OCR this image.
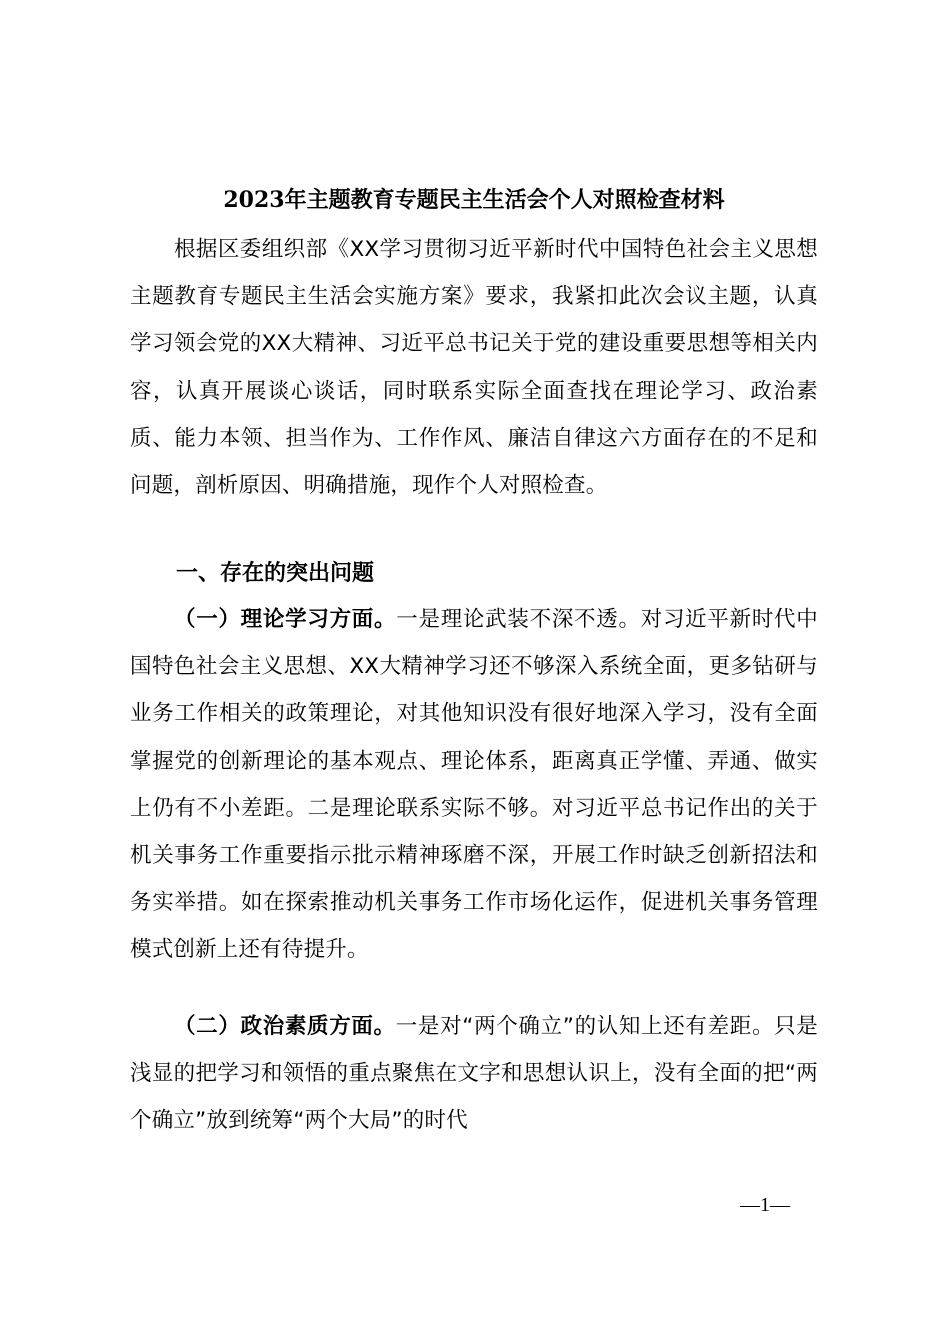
2023年主题教育专题民主生活会个人对照检查材料

根据区委组织部《XX学习贯彻习近平新时代中国特色社会主义思想主题教育专题民主生活会实施方案》要求，我紧扣此次会议主题，认真学习领会党的XX大精神、习近平总书记关于党的建设重要思想等相关内容，认真开展谈心谈话，同时联系实际全面查找在理论学习、政治素质、能力本领、担当作为、工作作风、廉洁自律这六方面存在的不足和问题，剖析原因、明确措施，现作个人对照检查。

一、存在的突出问题

（一）理论学习方面。一是理论武装不深不透。对习近平新时代中国特色社会主义思想、XX大精神学习还不够深入系统全面，更多钻研与业务工作相关的政策理论，对其他知识没有很好地深入学习，没有全面掌握党的创新理论的基本观点、理论体系，距离真正学懂、弄通、做实上仍有不小差距。二是理论联系实际不够。对习近平总书记作出的关于机关事务工作重要指示批示精神琢磨不深，开展工作时缺乏创新招法和务实举措。如在探索推动机关事务工作市场化运作，促进机关事务管理模式创新上还有待提升。

（二）政治素质方面。一是对“两个确立”的认知上还有差距。只是浅显的把学习和领悟的重点聚焦在文字和思想认识上，没有全面的把“两个确立”放到统筹“两个大局”的时代

—1—
